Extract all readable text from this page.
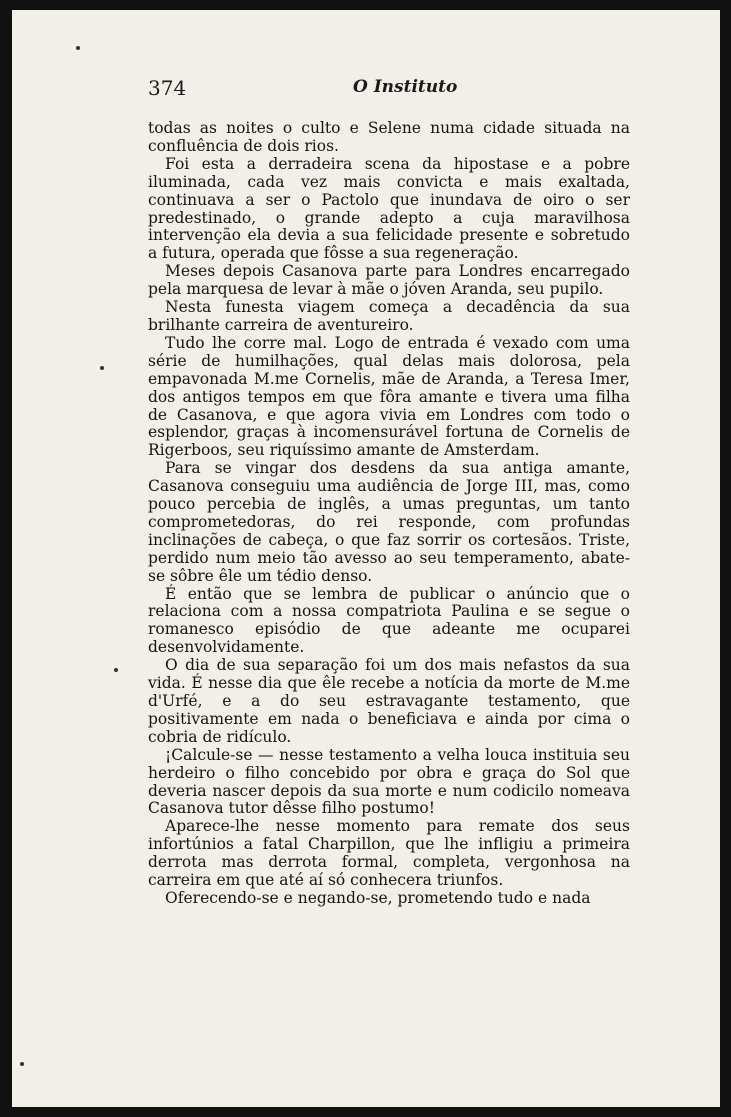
374	O Instituto

todas as noites o culto e Selene numa cidade situada na confluência de dois rios.

Foi esta a derradeira scena da hipostase e a pobre iluminada, cada vez mais convicta e mais exaltada, continuava a ser o Pactolo que inundava de oiro o ser predestinado, o grande adepto a cuja maravilhosa intervenção ela devia a sua felicidade presente e sobretudo a futura, operada que fôsse a sua regeneração.

Meses depois Casanova parte para Londres encarregado pela marquesa de levar à mãe o jóven Aranda, seu pupilo.

Nesta funesta viagem começa a decadência da sua brilhante carreira de aventureiro.

Tudo lhe corre mal. Logo de entrada é vexado com uma série de humilhações, qual delas mais dolorosa, pela empavonada M.me Cornelis, mãe de Aranda, a Teresa Imer, dos antigos tempos em que fôra amante e tivera uma filha de Casanova, e que agora vivia em Londres com todo o esplendor, graças à incomensurável fortuna de Cornelis de Rigerboos, seu riquíssimo amante de Amsterdam.

Para se vingar dos desdens da sua antiga amante, Casanova conseguiu uma audiência de Jorge III, mas, como pouco percebia de inglês, a umas preguntas, um tanto comprometedoras, do rei responde, com profundas inclinações de cabeça, o que faz sorrir os cortesãos. Triste, perdido num meio tão avesso ao seu temperamento, abate-se sôbre êle um tédio denso.

É então que se lembra de publicar o anúncio que o relaciona com a nossa compatriota Paulina e se segue o romanesco episódio de que adeante me ocuparei desenvolvidamente.

O dia de sua separação foi um dos mais nefastos da sua vida. É nesse dia que êle recebe a notícia da morte de M.me d'Urfé, e a do seu estravagante testamento, que positivamente em nada o beneficiava e ainda por cima o cobria de ridículo.

¡Calcule-se — nesse testamento a velha louca instituia seu herdeiro o filho concebido por obra e graça do Sol que deveria nascer depois da sua morte e num codicilo nomeava Casanova tutor dêsse filho postumo!

Aparece-lhe nesse momento para remate dos seus infortúnios a fatal Charpillon, que lhe infligiu a primeira derrota mas derrota formal, completa, vergonhosa na carreira em que até aí só conhecera triunfos.

Oferecendo-se e negando-se, prometendo tudo e nada
